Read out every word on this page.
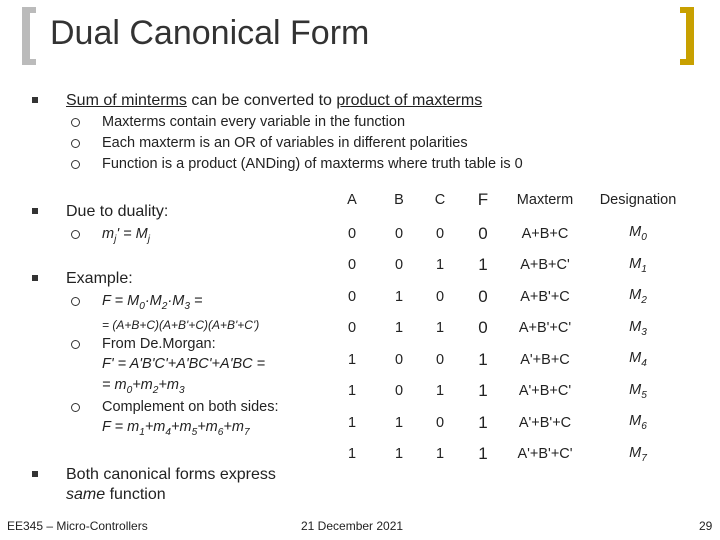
Dual Canonical Form
Sum of minterms can be converted to product of maxterms
Maxterms contain every variable in the function
Each maxterm is an OR of variables in different polarities
Function is a product (ANDing) of maxterms where truth table is 0
Due to duality:
$m_j' = M_j$
Example:
$F = M_0\cdot M_2\cdot M_3$ =
= (A+B+C)(A+B'+C)(A+B'+C')
From De.Morgan:
F' = A'B'C'+A'BC'+A'BC =
= $m_0+m_2+m_3$
Complement on both sides:
$F = m_1+m_4+m_5+m_6+m_7$
Both canonical forms express
same function
A	B	C	F	Maxterm	Designation
0	0	0	0	A+B+C	$M_0$
0	0	1	1	A+B+C'	$M_1$
0	1	0	0	A+B'+C	$M_2$
0	1	1	0	A+B'+C'	$M_3$
1	0	0	1	A'+B+C	$M_4$
1	0	1	1	A'+B+C'	$M_5$
1	1	0	1	A'+B'+C	$M_6$
1	1	1	1	A'+B'+C'	$M_7$
EE345 – Micro-Controllers	21 December 2021	29
